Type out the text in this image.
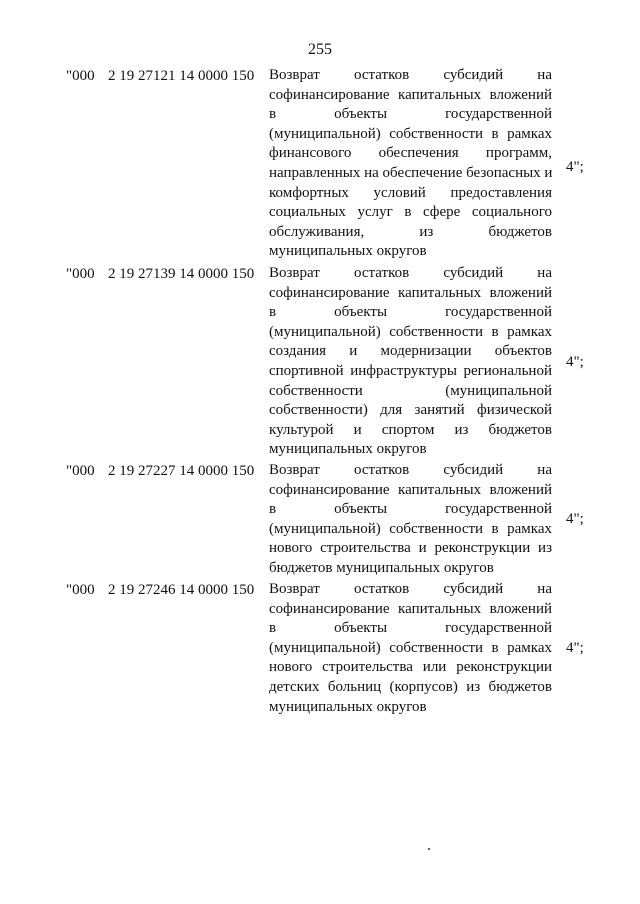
255
"000 2 19 27121 14 0000 150 Возврат остатков субсидий на
софинансирование капитальных вложений
в объекты государственной
(муниципальной) собственности в рамках
финансового обеспечения программ,
направленных на обеспечение безопасных и
комфортных условий предоставления
социальных услуг в сфере социального
обслуживания, из бюджетов
муниципальных округов
4";
"000 2 19 27139 14 0000 150 Возврат остатков субсидий на
софинансирование капитальных вложений
в объекты государственной
(муниципальной) собственности в рамках
создания и модернизации объектов
спортивной инфраструктуры региональной
собственности (муниципальной
собственности) для занятий физической
культурой и спортом из бюджетов
муниципальных округов
4";
"000 2 19 27227 14 0000 150 Возврат остатков субсидий на
софинансирование капитальных вложений
в объекты государственной
(муниципальной) собственности в рамках
нового строительства и реконструкции из
бюджетов муниципальных округов
4";
"000 2 19 27246 14 0000 150 Возврат остатков субсидий на
софинансирование капитальных вложений
в объекты государственной
(муниципальной) собственности в рамках
нового строительства или реконструкции
детских больниц (корпусов) из бюджетов
муниципальных округов
4";
